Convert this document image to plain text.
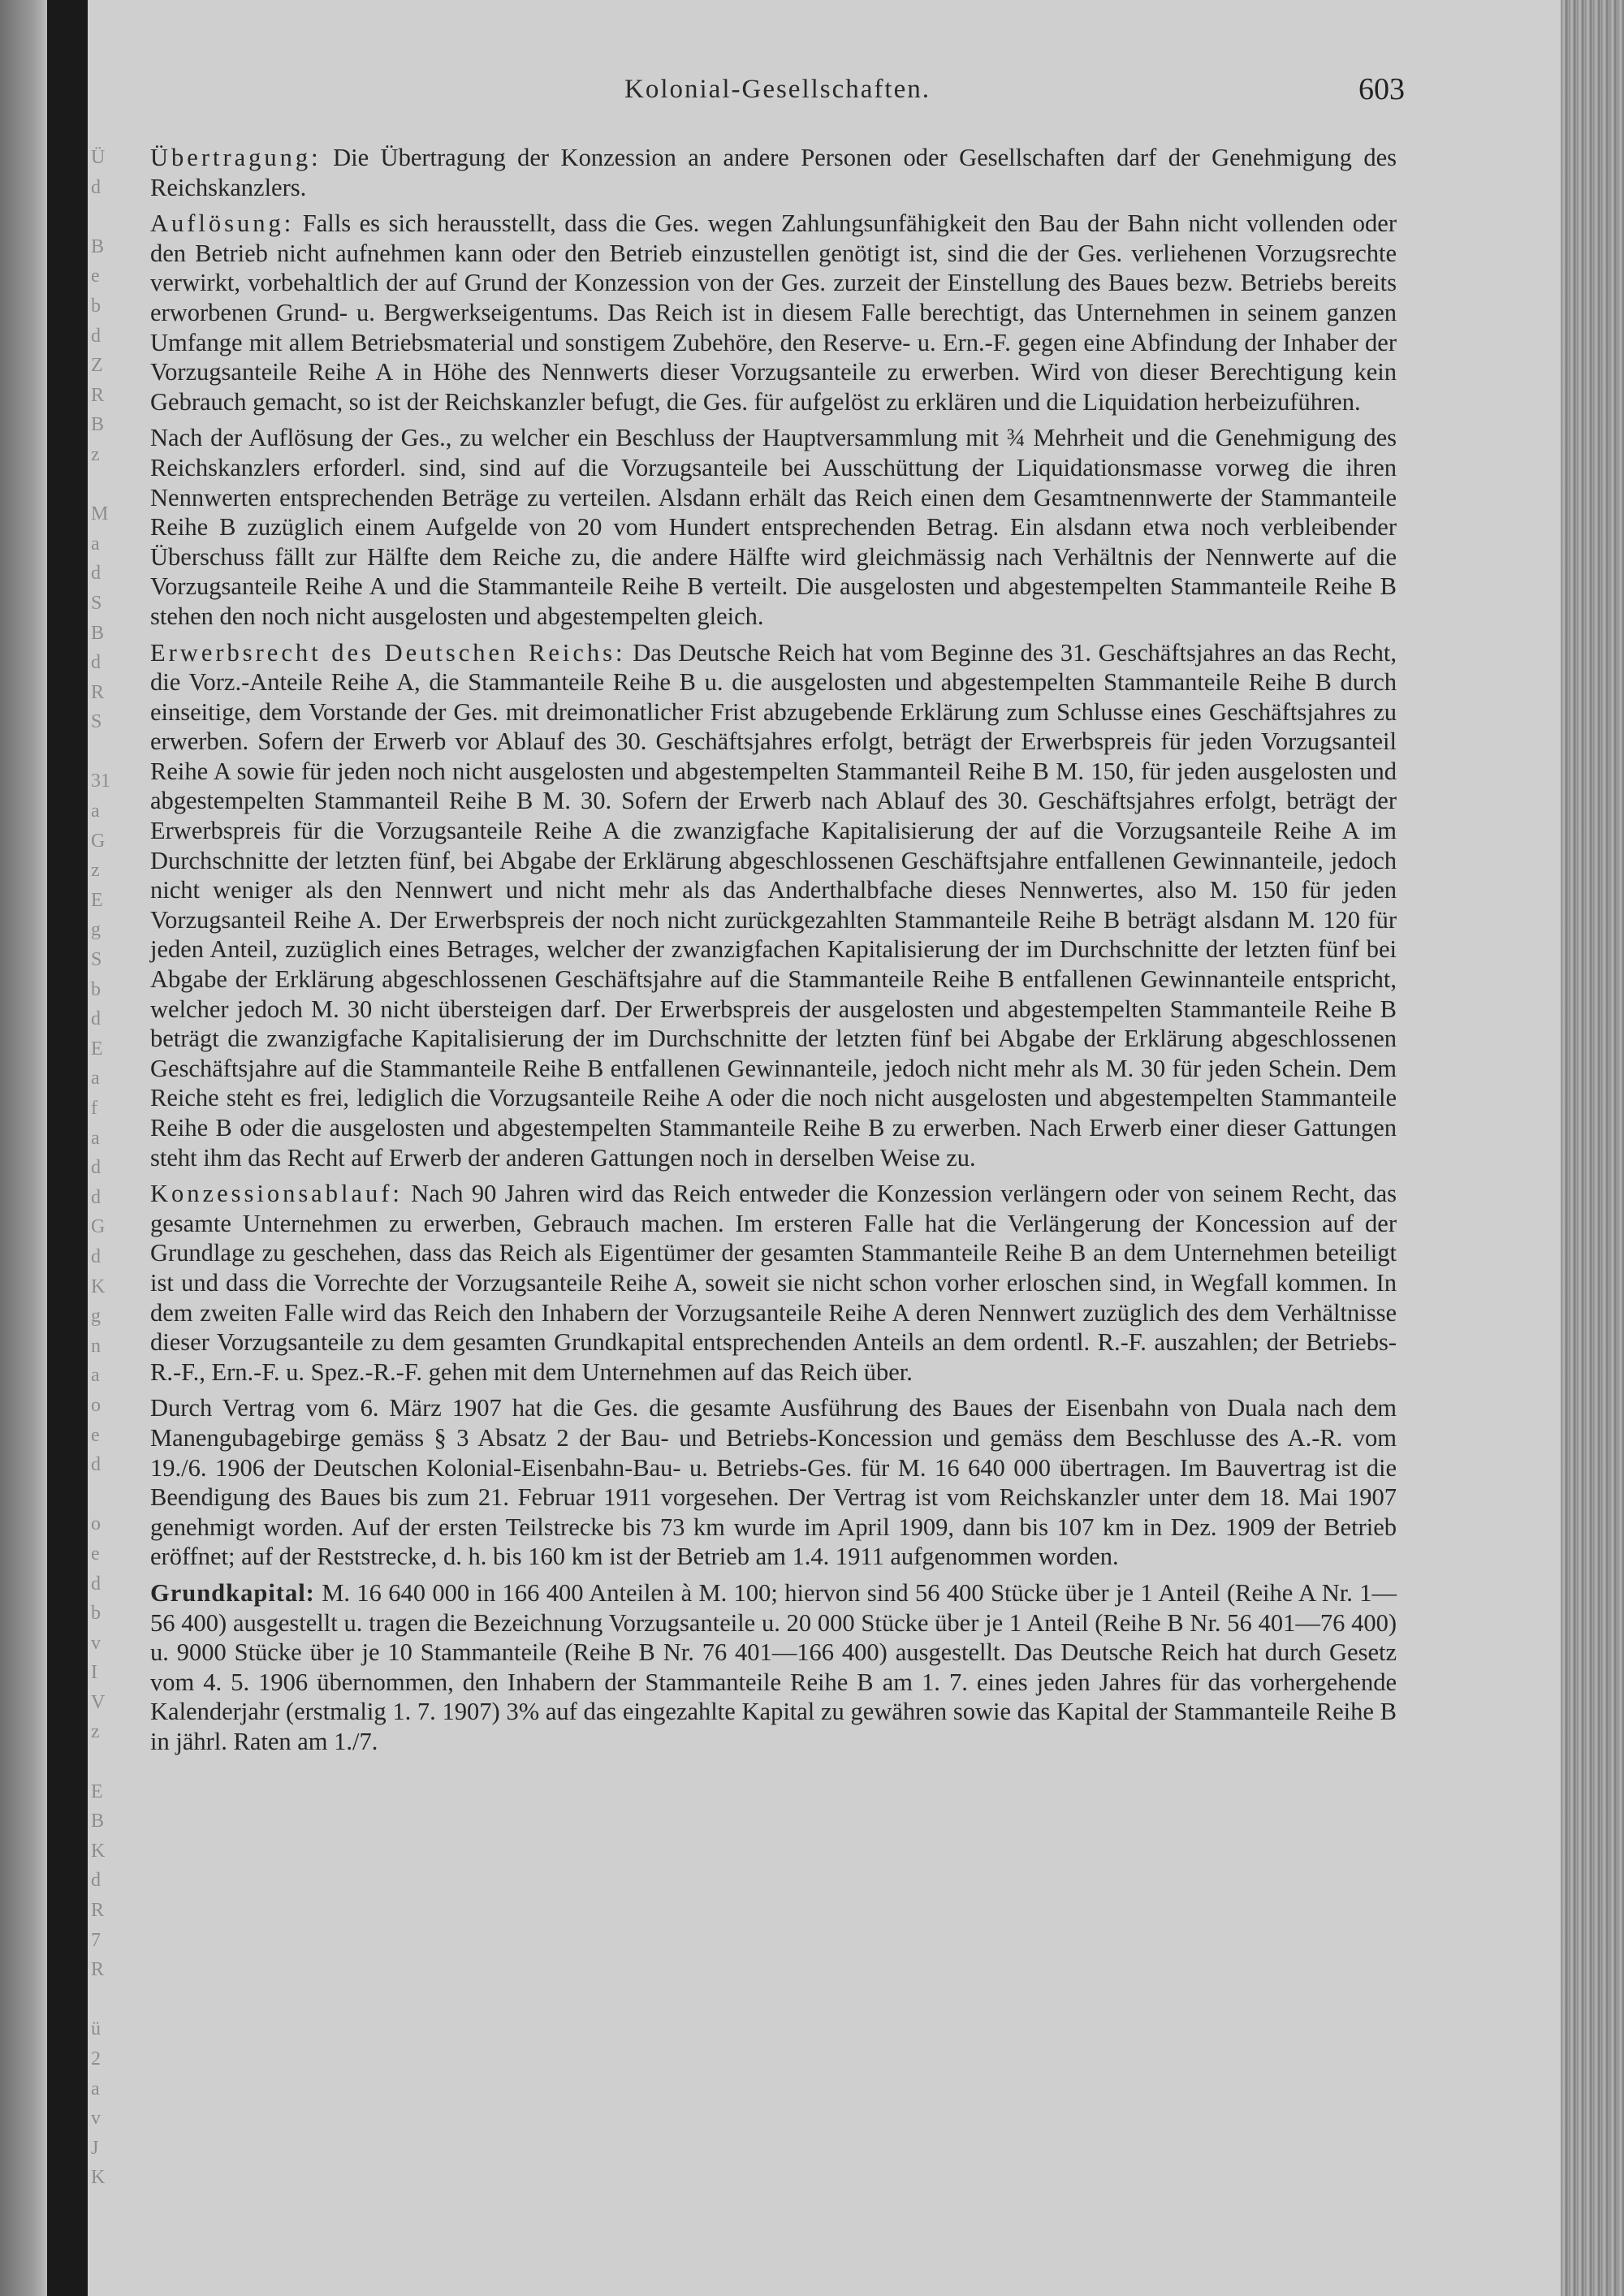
Ü
d
B
e
b
d
Z
R
B
z
M
a
d
S
B
d
R
S
31
a
G
z
E
g
S
b
d
E
a
f
a
d
d
G
d
K
g
n
a
o
e
d
o
e
d
b
v
I
V
z
E
B
K
d
R
7
R
ü
2
a
v
J
K
Kolonial-Gesellschaften.	603

Übertragung: Die Übertragung der Konzession an andere Personen oder Gesellschaften darf der Genehmigung des Reichskanzlers.

Auflösung: Falls es sich herausstellt, dass die Ges. wegen Zahlungsunfähigkeit den Bau der Bahn nicht vollenden oder den Betrieb nicht aufnehmen kann oder den Betrieb einzustellen genötigt ist, sind die der Ges. verliehenen Vorzugsrechte verwirkt, vorbehaltlich der auf Grund der Konzession von der Ges. zurzeit der Einstellung des Baues bezw. Betriebs bereits erworbenen Grund- u. Bergwerkseigentums. Das Reich ist in diesem Falle berechtigt, das Unternehmen in seinem ganzen Umfange mit allem Betriebsmaterial und sonstigem Zubehöre, den Reserve- u. Ern.-F. gegen eine Abfindung der Inhaber der Vorzugsanteile Reihe A in Höhe des Nennwerts dieser Vorzugsanteile zu erwerben. Wird von dieser Berechtigung kein Gebrauch gemacht, so ist der Reichskanzler befugt, die Ges. für aufgelöst zu erklären und die Liquidation herbeizuführen.

Nach der Auflösung der Ges., zu welcher ein Beschluss der Hauptversammlung mit ¾ Mehrheit und die Genehmigung des Reichskanzlers erforderl. sind, sind auf die Vorzugsanteile bei Ausschüttung der Liquidationsmasse vorweg die ihren Nennwerten entsprechenden Beträge zu verteilen. Alsdann erhält das Reich einen dem Gesamtnennwerte der Stammanteile Reihe B zuzüglich einem Aufgelde von 20 vom Hundert entsprechenden Betrag. Ein alsdann etwa noch verbleibender Überschuss fällt zur Hälfte dem Reiche zu, die andere Hälfte wird gleichmässig nach Verhältnis der Nennwerte auf die Vorzugsanteile Reihe A und die Stammanteile Reihe B verteilt. Die ausgelosten und abgestempelten Stammanteile Reihe B stehen den noch nicht ausgelosten und abgestempelten gleich.

Erwerbsrecht des Deutschen Reichs: Das Deutsche Reich hat vom Beginne des 31. Geschäftsjahres an das Recht, die Vorz.-Anteile Reihe A, die Stammanteile Reihe B u. die ausgelosten und abgestempelten Stammanteile Reihe B durch einseitige, dem Vorstande der Ges. mit dreimonatlicher Frist abzugebende Erklärung zum Schlusse eines Geschäftsjahres zu erwerben. Sofern der Erwerb vor Ablauf des 30. Geschäftsjahres erfolgt, beträgt der Erwerbspreis für jeden Vorzugsanteil Reihe A sowie für jeden noch nicht ausgelosten und abgestempelten Stammanteil Reihe B M. 150, für jeden ausgelosten und abgestempelten Stammanteil Reihe B M. 30. Sofern der Erwerb nach Ablauf des 30. Geschäftsjahres erfolgt, beträgt der Erwerbspreis für die Vorzugsanteile Reihe A die zwanzigfache Kapitalisierung der auf die Vorzugsanteile Reihe A im Durchschnitte der letzten fünf, bei Abgabe der Erklärung abgeschlossenen Geschäftsjahre entfallenen Gewinnanteile, jedoch nicht weniger als den Nennwert und nicht mehr als das Anderthalbfache dieses Nennwertes, also M. 150 für jeden Vorzugsanteil Reihe A. Der Erwerbspreis der noch nicht zurückgezahlten Stammanteile Reihe B beträgt alsdann M. 120 für jeden Anteil, zuzüglich eines Betrages, welcher der zwanzigfachen Kapitalisierung der im Durchschnitte der letzten fünf bei Abgabe der Erklärung abgeschlossenen Geschäftsjahre auf die Stammanteile Reihe B entfallenen Gewinnanteile entspricht, welcher jedoch M. 30 nicht übersteigen darf. Der Erwerbspreis der ausgelosten und abgestempelten Stammanteile Reihe B beträgt die zwanzigfache Kapitalisierung der im Durchschnitte der letzten fünf bei Abgabe der Erklärung abgeschlossenen Geschäftsjahre auf die Stammanteile Reihe B entfallenen Gewinnanteile, jedoch nicht mehr als M. 30 für jeden Schein. Dem Reiche steht es frei, lediglich die Vorzugsanteile Reihe A oder die noch nicht ausgelosten und abgestempelten Stammanteile Reihe B oder die ausgelosten und abgestempelten Stammanteile Reihe B zu erwerben. Nach Erwerb einer dieser Gattungen steht ihm das Recht auf Erwerb der anderen Gattungen noch in derselben Weise zu.

Konzessionsablauf: Nach 90 Jahren wird das Reich entweder die Konzession verlängern oder von seinem Recht, das gesamte Unternehmen zu erwerben, Gebrauch machen. Im ersteren Falle hat die Verlängerung der Koncession auf der Grundlage zu geschehen, dass das Reich als Eigentümer der gesamten Stammanteile Reihe B an dem Unternehmen beteiligt ist und dass die Vorrechte der Vorzugsanteile Reihe A, soweit sie nicht schon vorher erloschen sind, in Wegfall kommen. In dem zweiten Falle wird das Reich den Inhabern der Vorzugsanteile Reihe A deren Nennwert zuzüglich des dem Verhältnisse dieser Vorzugsanteile zu dem gesamten Grundkapital entsprechenden Anteils an dem ordentl. R.-F. auszahlen; der Betriebs-R.-F., Ern.-F. u. Spez.-R.-F. gehen mit dem Unternehmen auf das Reich über.

Durch Vertrag vom 6. März 1907 hat die Ges. die gesamte Ausführung des Baues der Eisenbahn von Duala nach dem Manengubagebirge gemäss § 3 Absatz 2 der Bau- und Betriebs-Koncession und gemäss dem Beschlusse des A.-R. vom 19./6. 1906 der Deutschen Kolonial-Eisenbahn-Bau- u. Betriebs-Ges. für M. 16 640 000 übertragen. Im Bauvertrag ist die Beendigung des Baues bis zum 21. Februar 1911 vorgesehen. Der Vertrag ist vom Reichskanzler unter dem 18. Mai 1907 genehmigt worden. Auf der ersten Teilstrecke bis 73 km wurde im April 1909, dann bis 107 km in Dez. 1909 der Betrieb eröffnet; auf der Reststrecke, d. h. bis 160 km ist der Betrieb am 1.4. 1911 aufgenommen worden.

Grundkapital: M. 16 640 000 in 166 400 Anteilen à M. 100; hiervon sind 56 400 Stücke über je 1 Anteil (Reihe A Nr. 1—56 400) ausgestellt u. tragen die Bezeichnung Vorzugsanteile u. 20 000 Stücke über je 1 Anteil (Reihe B Nr. 56 401—76 400) u. 9000 Stücke über je 10 Stammanteile (Reihe B Nr. 76 401—166 400) ausgestellt. Das Deutsche Reich hat durch Gesetz vom 4. 5. 1906 übernommen, den Inhabern der Stammanteile Reihe B am 1. 7. eines jeden Jahres für das vorhergehende Kalenderjahr (erstmalig 1. 7. 1907) 3% auf das eingezahlte Kapital zu gewähren sowie das Kapital der Stammanteile Reihe B in jährl. Raten am 1./7.
